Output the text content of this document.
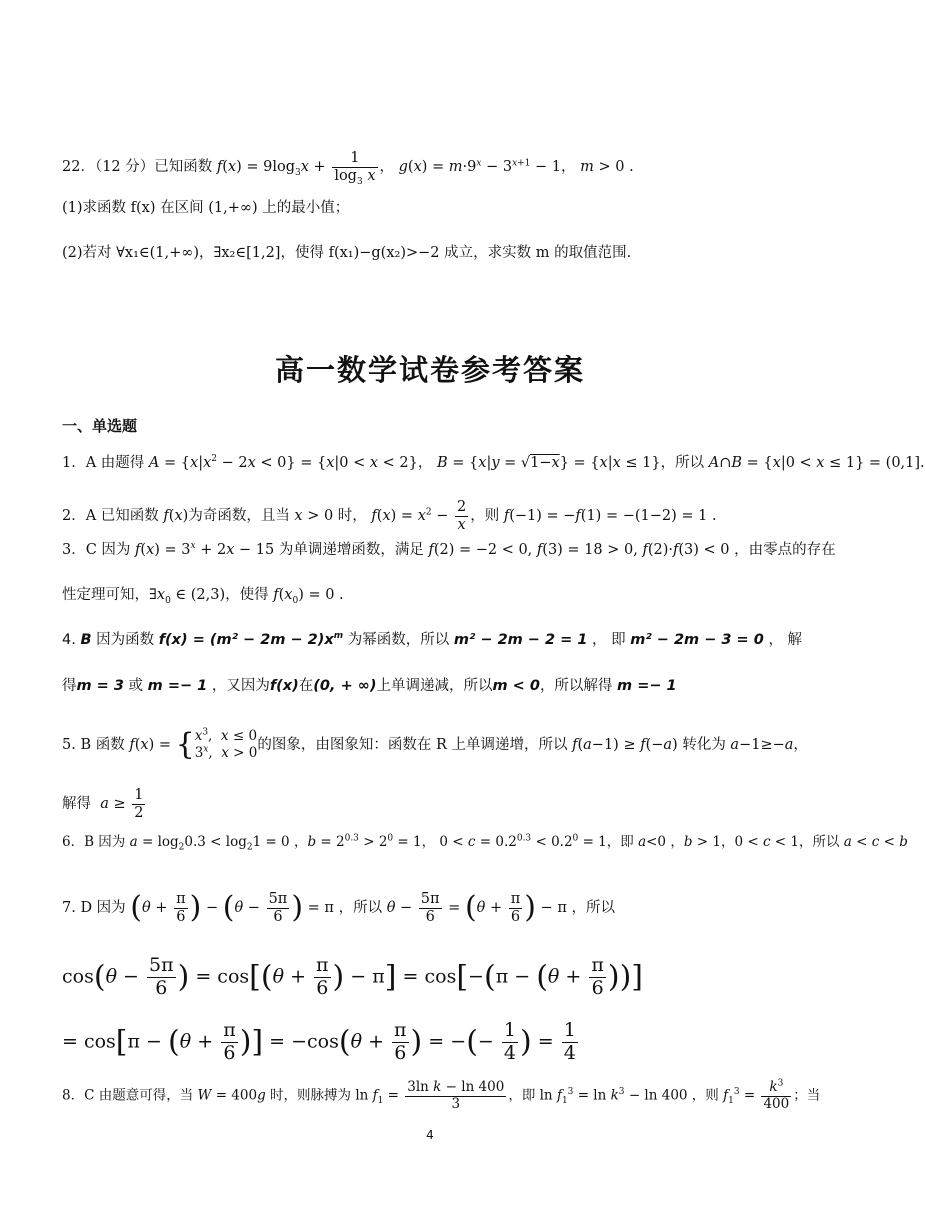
22．（12 分）已知函数 $f(x) = 9\log_3x + \frac{1}{\log_3 x}$ ， $g(x) = m\cdot 9^x - 3^{x+1} - 1$， m > 0 .
(1)求函数 f(x) 在区间 (1,+∞) 上的最小值；
(2)若对 ∀x₁∈(1,+∞)，∃x₂∈[1,2]，使得 f(x₁)−g(x₂)>−2 成立，求实数 m 的取值范围.
高一数学试卷参考答案
一、单选题
1．A 由题得 $A = \{x|x^2 - 2x < 0\} = \{x|0 < x < 2\}$， B = {x|y = √1−x} = {x|x ≤ 1}，所以 A∩B = {x|0 < x ≤ 1} = (0,1].
2．A 已知函数 f(x)为奇函数，且当 x > 0 时， $f(x) = x^2 - \frac{2}{x}$ ，则 f(−1) = −f(1) = −(1−2) = 1 .
3．C 因为 $f(x) = 3^x + 2x - 15$ 为单调递增函数，满足 f(2) = −2 < 0, f(3) = 18 > 0, f(2)·f(3) < 0 ，由零点的存在
性定理可知，$\exists x_0$ ∈ (2,3)，使得 $f(x_0) = 0$ .
4. B 因为函数 $f(x) = (m^2 - 2m - 2)x^m$ 为幂函数，所以 m² − 2m − 2 = 1 ， 即 m² − 2m − 3 = 0 ， 解
得m = 3 或 m =− 1 ，又因为f(x)在(0, + ∞)上单调递减，所以m < 0，所以解得 m =− 1
5. B 函数 $f(x) = \{x^3$,  x ≤ 0
3$^x$,  x > 0的图象，由图象知：函数在 R 上单调递增，所以 f(a−1) ≥ f(−a) 转化为 a−1≥−a，
解得 $a \ge \frac{1}{2}$
6．B 因为 $a = \log_20.3 < \log_21 = 0$ ，$b = 2^{0.3} > 2^0 = 1$， $0 < c = 0.2^{0.3} < 0.2^0 = 1$，即 a<0 ，b > 1，0 < c < 1，所以 a < c < b
7. D 因为 ($\theta + \frac{\pi}{6}$ ) − ($\theta - \frac{5\pi}{6}$ ) = π ，所以 $\theta - \frac{5\pi}{6} = (\theta + \frac{\pi}{6}$ ) − π ，所以
$\cos(\theta - \frac{5\pi}{6}$ ) = $\cos[(\theta + \frac{\pi}{6}$ ) − $\pi] = \cos[-(\pi - (\theta + \frac{\pi}{6}$ ))]
= $\cos[\pi - (\theta + \frac{\pi}{6}$ )] = $-\cos(\theta + \frac{\pi}{6}$ ) = −(− $\frac{1}{4}$ ) = $\frac{1}{4}$
8．C 由题意可得，当 W = 400g 时，则脉搏为 $\ln f_1 = \frac{\text{3ln k − ln 400}}{3}$ ，即 $\ln f_1^3 = \ln k^3 - \ln 400$ ，则 $f_1^3 = \frac{k^3}{400}$ ；当
4
